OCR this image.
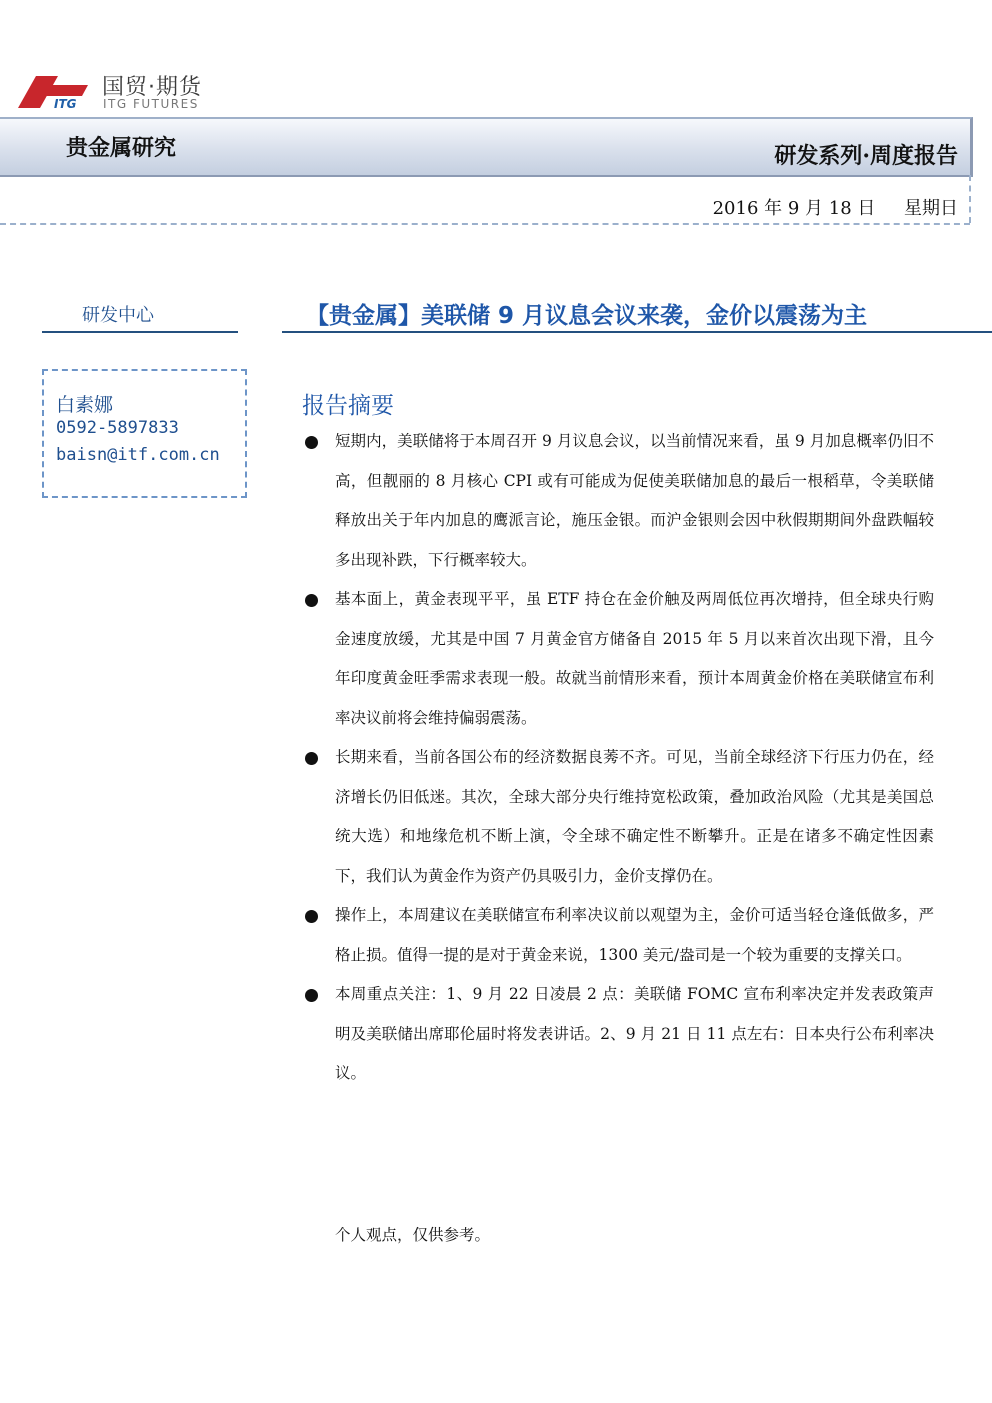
ITG
国贸·期货
ITG FUTURES
贵金属研究	研发系列·周度报告
2016 年 9 月 18 日 星期日
研发中心
白素娜
0592-5897833
baisn@itf.com.cn
【贵金属】美联储 9 月议息会议来袭，金价以震荡为主
报告摘要
短期内，美联储将于本周召开 9 月议息会议，以当前情况来看，虽 9 月加息概率仍旧不高，但靓丽的 8 月核心 CPI 或有可能成为促使美联储加息的最后一根稻草，令美联储释放出关于年内加息的鹰派言论，施压金银。而沪金银则会因中秋假期期间外盘跌幅较多出现补跌，下行概率较大。
基本面上，黄金表现平平，虽 ETF 持仓在金价触及两周低位再次增持，但全球央行购金速度放缓，尤其是中国 7 月黄金官方储备自 2015 年 5 月以来首次出现下滑，且今年印度黄金旺季需求表现一般。故就当前情形来看，预计本周黄金价格在美联储宣布利率决议前将会维持偏弱震荡。
长期来看，当前各国公布的经济数据良莠不齐。可见，当前全球经济下行压力仍在，经济增长仍旧低迷。其次，全球大部分央行维持宽松政策，叠加政治风险（尤其是美国总统大选）和地缘危机不断上演，令全球不确定性不断攀升。正是在诸多不确定性因素下，我们认为黄金作为资产仍具吸引力，金价支撑仍在。
操作上，本周建议在美联储宣布利率决议前以观望为主，金价可适当轻仓逢低做多，严格止损。值得一提的是对于黄金来说，1300 美元/盎司是一个较为重要的支撑关口。
本周重点关注：1、9 月 22 日凌晨 2 点：美联储 FOMC 宣布利率决定并发表政策声明及美联储出席耶伦届时将发表讲话。2、9 月 21 日 11 点左右：日本央行公布利率决议。
个人观点，仅供参考。
